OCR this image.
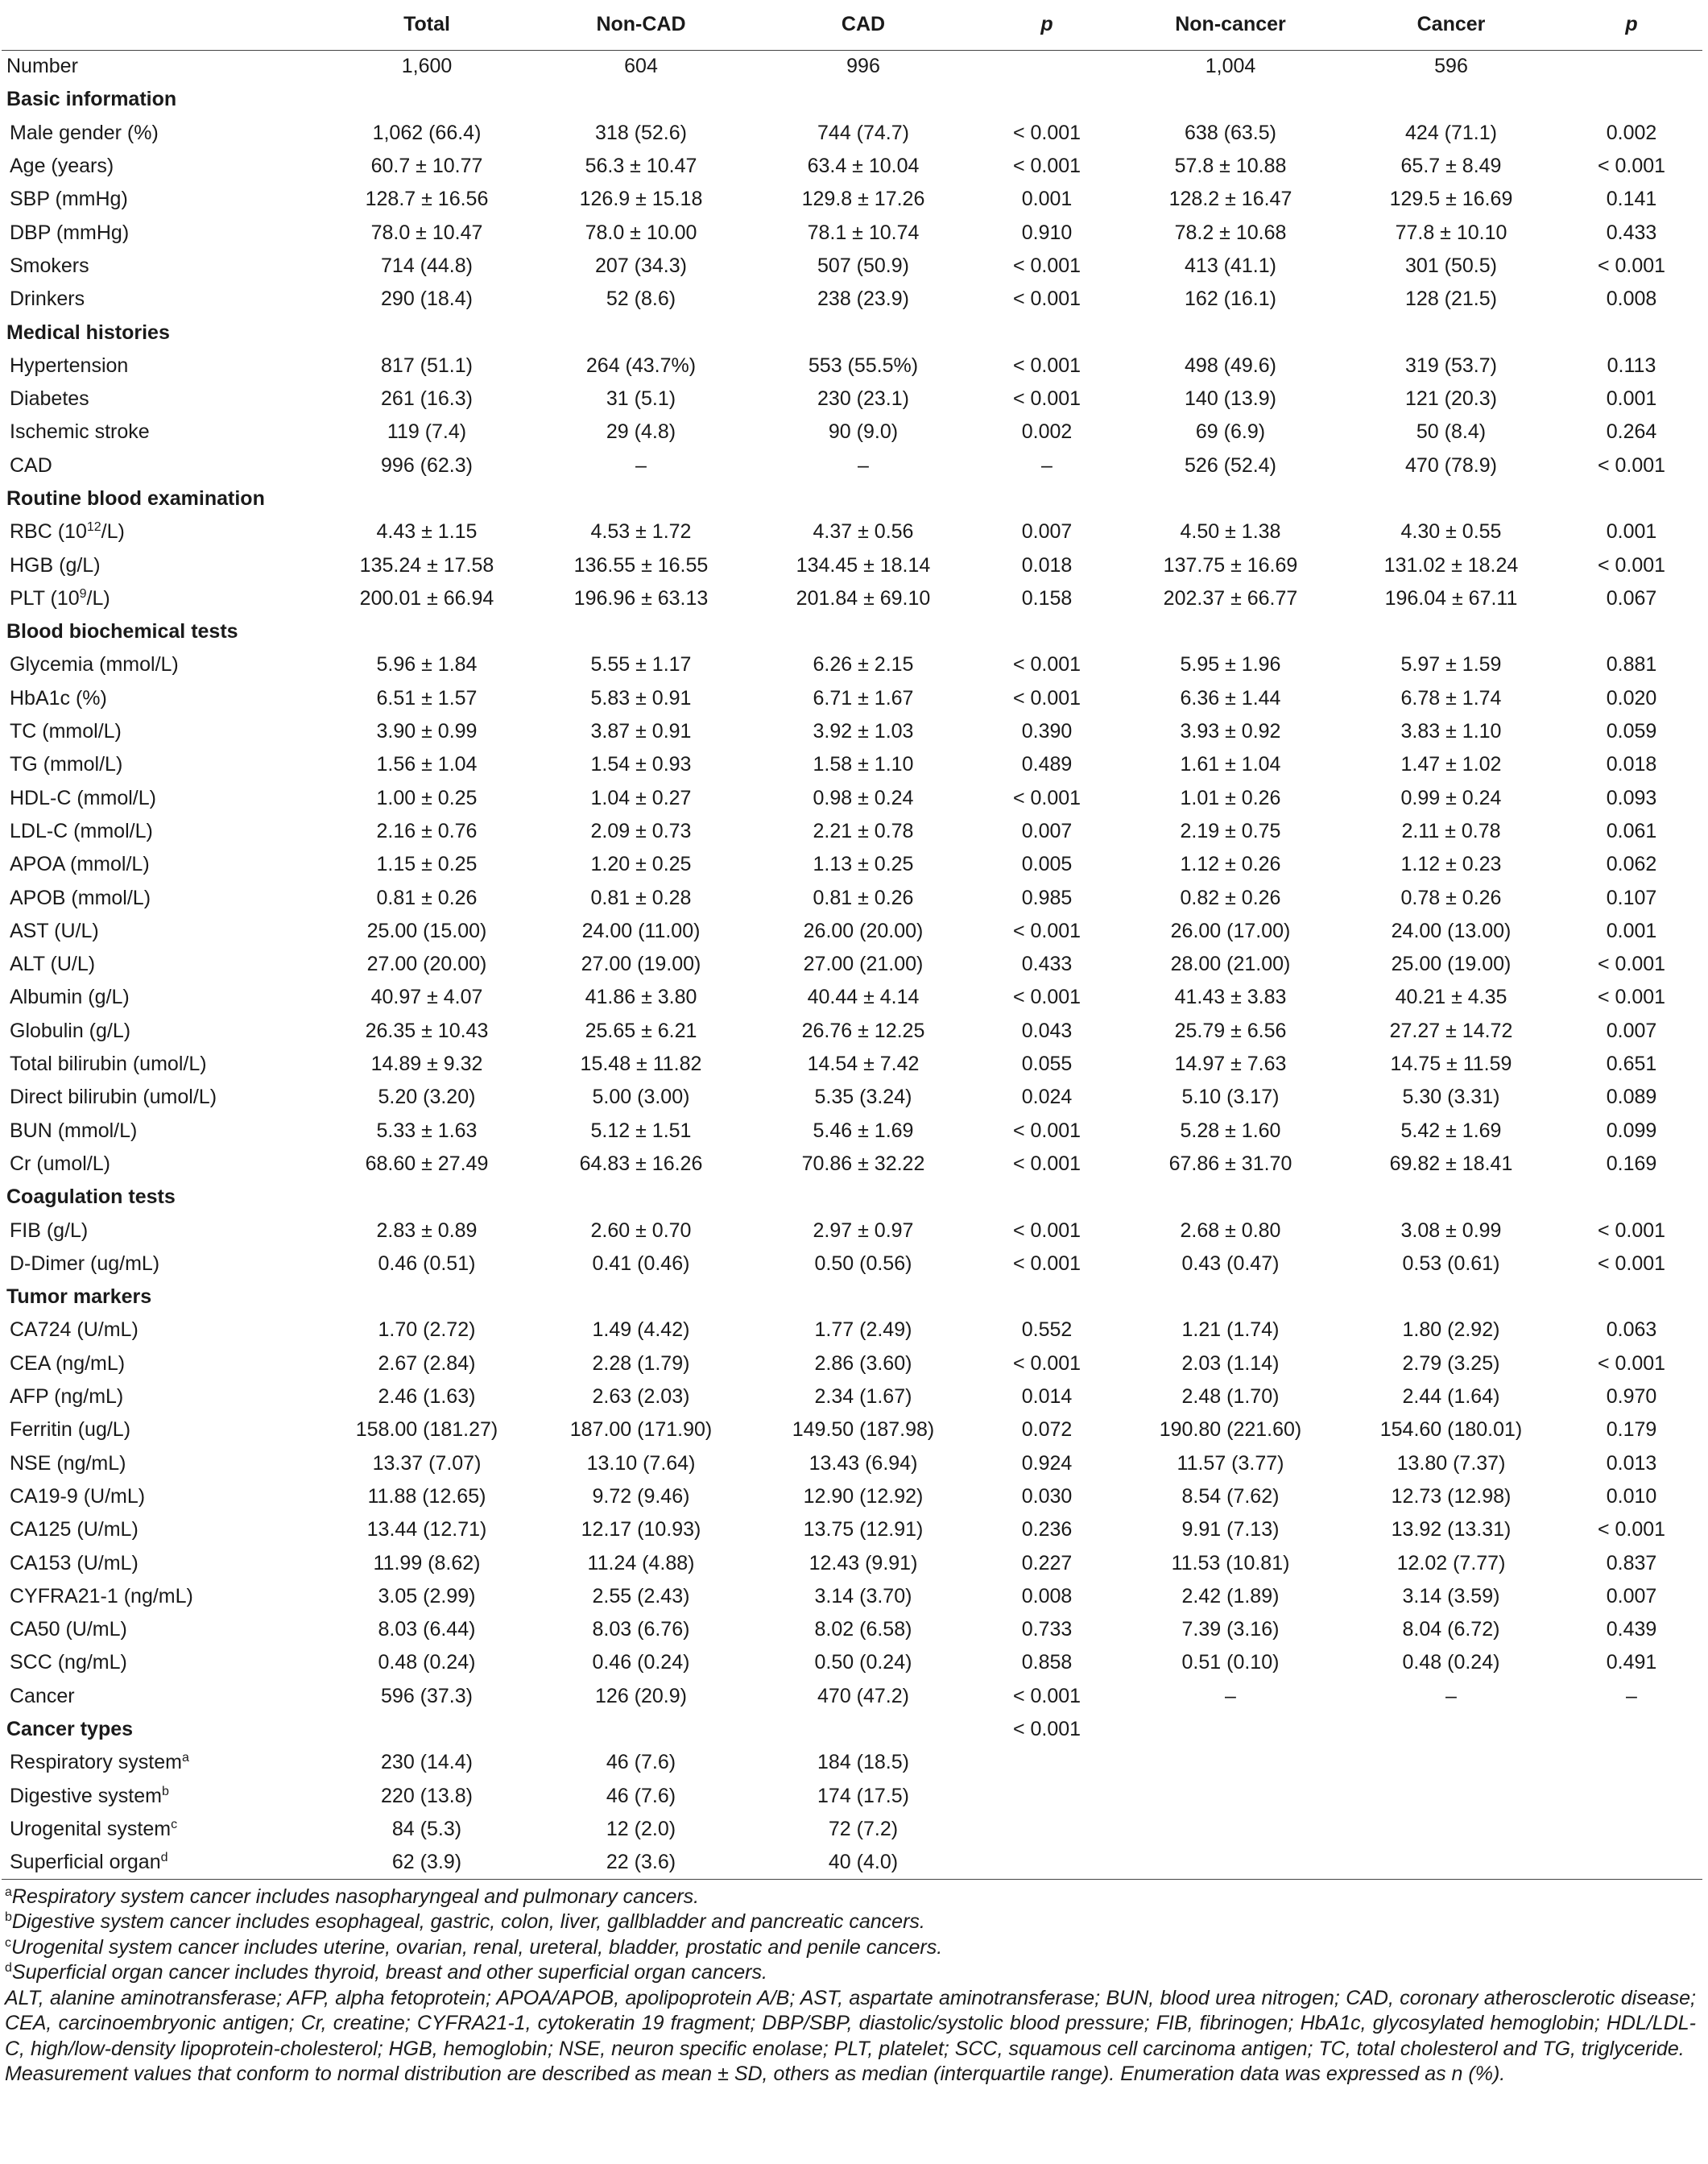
	Total	Non-CAD	CAD	p	Non-cancer	Cancer	p
Number	1,600	604	996		1,004	596	
Basic information							
Male gender (%)	1,062 (66.4)	318 (52.6)	744 (74.7)	< 0.001	638 (63.5)	424 (71.1)	0.002
Age (years)	60.7 ± 10.77	56.3 ± 10.47	63.4 ± 10.04	< 0.001	57.8 ± 10.88	65.7 ± 8.49	< 0.001
SBP (mmHg)	128.7 ± 16.56	126.9 ± 15.18	129.8 ± 17.26	0.001	128.2 ± 16.47	129.5 ± 16.69	0.141
DBP (mmHg)	78.0 ± 10.47	78.0 ± 10.00	78.1 ± 10.74	0.910	78.2 ± 10.68	77.8 ± 10.10	0.433
Smokers	714 (44.8)	207 (34.3)	507 (50.9)	< 0.001	413 (41.1)	301 (50.5)	< 0.001
Drinkers	290 (18.4)	52 (8.6)	238 (23.9)	< 0.001	162 (16.1)	128 (21.5)	0.008
Medical histories							
Hypertension	817 (51.1)	264 (43.7%)	553 (55.5%)	< 0.001	498 (49.6)	319 (53.7)	0.113
Diabetes	261 (16.3)	31 (5.1)	230 (23.1)	< 0.001	140 (13.9)	121 (20.3)	0.001
Ischemic stroke	119 (7.4)	29 (4.8)	90 (9.0)	0.002	69 (6.9)	50 (8.4)	0.264
CAD	996 (62.3)	–	–	–	526 (52.4)	470 (78.9)	< 0.001
Routine blood examination							
RBC $(10^{12}/L)$	4.43 ± 1.15	4.53 ± 1.72	4.37 ± 0.56	0.007	4.50 ± 1.38	4.30 ± 0.55	0.001
HGB (g/L)	135.24 ± 17.58	136.55 ± 16.55	134.45 ± 18.14	0.018	137.75 ± 16.69	131.02 ± 18.24	< 0.001
PLT $(10^9/L)$	200.01 ± 66.94	196.96 ± 63.13	201.84 ± 69.10	0.158	202.37 ± 66.77	196.04 ± 67.11	0.067
Blood biochemical tests							
Glycemia (mmol/L)	5.96 ± 1.84	5.55 ± 1.17	6.26 ± 2.15	< 0.001	5.95 ± 1.96	5.97 ± 1.59	0.881
HbA1c (%)	6.51 ± 1.57	5.83 ± 0.91	6.71 ± 1.67	< 0.001	6.36 ± 1.44	6.78 ± 1.74	0.020
TC (mmol/L)	3.90 ± 0.99	3.87 ± 0.91	3.92 ± 1.03	0.390	3.93 ± 0.92	3.83 ± 1.10	0.059
TG (mmol/L)	1.56 ± 1.04	1.54 ± 0.93	1.58 ± 1.10	0.489	1.61 ± 1.04	1.47 ± 1.02	0.018
HDL-C (mmol/L)	1.00 ± 0.25	1.04 ± 0.27	0.98 ± 0.24	< 0.001	1.01 ± 0.26	0.99 ± 0.24	0.093
LDL-C (mmol/L)	2.16 ± 0.76	2.09 ± 0.73	2.21 ± 0.78	0.007	2.19 ± 0.75	2.11 ± 0.78	0.061
APOA (mmol/L)	1.15 ± 0.25	1.20 ± 0.25	1.13 ± 0.25	0.005	1.12 ± 0.26	1.12 ± 0.23	0.062
APOB (mmol/L)	0.81 ± 0.26	0.81 ± 0.28	0.81 ± 0.26	0.985	0.82 ± 0.26	0.78 ± 0.26	0.107
AST (U/L)	25.00 (15.00)	24.00 (11.00)	26.00 (20.00)	< 0.001	26.00 (17.00)	24.00 (13.00)	0.001
ALT (U/L)	27.00 (20.00)	27.00 (19.00)	27.00 (21.00)	0.433	28.00 (21.00)	25.00 (19.00)	< 0.001
Albumin (g/L)	40.97 ± 4.07	41.86 ± 3.80	40.44 ± 4.14	< 0.001	41.43 ± 3.83	40.21 ± 4.35	< 0.001
Globulin (g/L)	26.35 ± 10.43	25.65 ± 6.21	26.76 ± 12.25	0.043	25.79 ± 6.56	27.27 ± 14.72	0.007
Total bilirubin (umol/L)	14.89 ± 9.32	15.48 ± 11.82	14.54 ± 7.42	0.055	14.97 ± 7.63	14.75 ± 11.59	0.651
Direct bilirubin (umol/L)	5.20 (3.20)	5.00 (3.00)	5.35 (3.24)	0.024	5.10 (3.17)	5.30 (3.31)	0.089
BUN (mmol/L)	5.33 ± 1.63	5.12 ± 1.51	5.46 ± 1.69	< 0.001	5.28 ± 1.60	5.42 ± 1.69	0.099
Cr (umol/L)	68.60 ± 27.49	64.83 ± 16.26	70.86 ± 32.22	< 0.001	67.86 ± 31.70	69.82 ± 18.41	0.169
Coagulation tests							
FIB (g/L)	2.83 ± 0.89	2.60 ± 0.70	2.97 ± 0.97	< 0.001	2.68 ± 0.80	3.08 ± 0.99	< 0.001
D-Dimer (ug/mL)	0.46 (0.51)	0.41 (0.46)	0.50 (0.56)	< 0.001	0.43 (0.47)	0.53 (0.61)	< 0.001
Tumor markers							
CA724 (U/mL)	1.70 (2.72)	1.49 (4.42)	1.77 (2.49)	0.552	1.21 (1.74)	1.80 (2.92)	0.063
CEA (ng/mL)	2.67 (2.84)	2.28 (1.79)	2.86 (3.60)	< 0.001	2.03 (1.14)	2.79 (3.25)	< 0.001
AFP (ng/mL)	2.46 (1.63)	2.63 (2.03)	2.34 (1.67)	0.014	2.48 (1.70)	2.44 (1.64)	0.970
Ferritin (ug/L)	158.00 (181.27)	187.00 (171.90)	149.50 (187.98)	0.072	190.80 (221.60)	154.60 (180.01)	0.179
NSE (ng/mL)	13.37 (7.07)	13.10 (7.64)	13.43 (6.94)	0.924	11.57 (3.77)	13.80 (7.37)	0.013
CA19-9 (U/mL)	11.88 (12.65)	9.72 (9.46)	12.90 (12.92)	0.030	8.54 (7.62)	12.73 (12.98)	0.010
CA125 (U/mL)	13.44 (12.71)	12.17 (10.93)	13.75 (12.91)	0.236	9.91 (7.13)	13.92 (13.31)	< 0.001
CA153 (U/mL)	11.99 (8.62)	11.24 (4.88)	12.43 (9.91)	0.227	11.53 (10.81)	12.02 (7.77)	0.837
CYFRA21-1 (ng/mL)	3.05 (2.99)	2.55 (2.43)	3.14 (3.70)	0.008	2.42 (1.89)	3.14 (3.59)	0.007
CA50 (U/mL)	8.03 (6.44)	8.03 (6.76)	8.02 (6.58)	0.733	7.39 (3.16)	8.04 (6.72)	0.439
SCC (ng/mL)	0.48 (0.24)	0.46 (0.24)	0.50 (0.24)	0.858	0.51 (0.10)	0.48 (0.24)	0.491
Cancer	596 (37.3)	126 (20.9)	470 (47.2)	< 0.001	–	–	–
Cancer types				< 0.001			
Respiratory system$^a$	230 (14.4)	46 (7.6)	184 (18.5)				
Digestive system$^b$	220 (13.8)	46 (7.6)	174 (17.5)				
Urogenital system$^c$	84 (5.3)	12 (2.0)	72 (7.2)				
Superficial organ$^d$	62 (3.9)	22 (3.6)	40 (4.0)				

$^a$Respiratory system cancer includes nasopharyngeal and pulmonary cancers.

$^b$Digestive system cancer includes esophageal, gastric, colon, liver, gallbladder and pancreatic cancers.

$^c$Urogenital system cancer includes uterine, ovarian, renal, ureteral, bladder, prostatic and penile cancers.

$^d$Superficial organ cancer includes thyroid, breast and other superficial organ cancers.

ALT, alanine aminotransferase; AFP, alpha fetoprotein; APOA/APOB, apolipoprotein A/B; AST, aspartate aminotransferase; BUN, blood urea nitrogen; CAD, coronary atherosclerotic disease; CEA, carcinoembryonic antigen; Cr, creatine; CYFRA21-1, cytokeratin 19 fragment; DBP/SBP, diastolic/systolic blood pressure; FIB, fibrinogen; HbA1c, glycosylated hemoglobin; HDL/LDL-C, high/low-density lipoprotein-cholesterol; HGB, hemoglobin; NSE, neuron specific enolase; PLT, platelet; SCC, squamous cell carcinoma antigen; TC, total cholesterol and TG, triglyceride.

Measurement values that conform to normal distribution are described as mean ± SD, others as median (interquartile range). Enumeration data was expressed as n (%).
